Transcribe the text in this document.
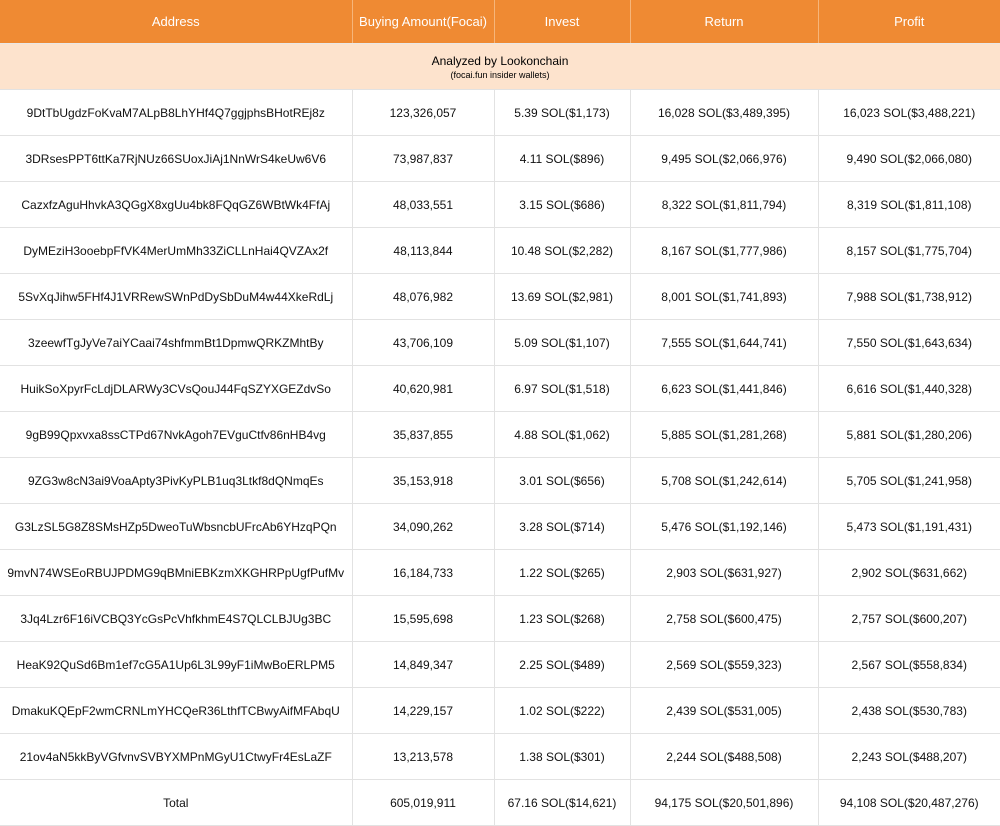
Address	Buying Amount(Focai)	Invest	Return	Profit

Analyzed by Lookonchain
(focai.fun insider wallets)				

9DtTbUgdzFoKvaM7ALpB8LhYHf4Q7ggjphsBHotREj8z	123,326,057	5.39 SOL($1,173)	16,028 SOL($3,489,395)	16,023 SOL($3,488,221)
3DRsesPPT6ttKa7RjNUz66SUoxJiAj1NnWrS4keUw6V6	73,987,837	4.11 SOL($896)	9,495 SOL($2,066,976)	9,490 SOL($2,066,080)
CazxfzAguHhvkA3QGgX8xgUu4bk8FQqGZ6WBtWk4FfAj	48,033,551	3.15 SOL($686)	8,322 SOL($1,811,794)	8,319 SOL($1,811,108)
DyMEziH3ooebpFfVK4MerUmMh33ZiCLLnHai4QVZAx2f	48,113,844	10.48 SOL($2,282)	8,167 SOL($1,777,986)	8,157 SOL($1,775,704)
5SvXqJihw5FHf4J1VRRewSWnPdDySbDuM4w44XkeRdLj	48,076,982	13.69 SOL($2,981)	8,001 SOL($1,741,893)	7,988 SOL($1,738,912)
3zeewfTgJyVe7aiYCaai74shfmmBt1DpmwQRKZMhtBy	43,706,109	5.09 SOL($1,107)	7,555 SOL($1,644,741)	7,550 SOL($1,643,634)
HuikSoXpyrFcLdjDLARWy3CVsQouJ44FqSZYXGEZdvSo	40,620,981	6.97 SOL($1,518)	6,623 SOL($1,441,846)	6,616 SOL($1,440,328)
9gB99Qpxvxa8ssCTPd67NvkAgoh7EVguCtfv86nHB4vg	35,837,855	4.88 SOL($1,062)	5,885 SOL($1,281,268)	5,881 SOL($1,280,206)
9ZG3w8cN3ai9VoaApty3PivKyPLB1uq3Ltkf8dQNmqEs	35,153,918	3.01 SOL($656)	5,708 SOL($1,242,614)	5,705 SOL($1,241,958)
G3LzSL5G8Z8SMsHZp5DweoTuWbsncbUFrcAb6YHzqPQn	34,090,262	3.28 SOL($714)	5,476 SOL($1,192,146)	5,473 SOL($1,191,431)
9mvN74WSEoRBUJPDMG9qBMniEBKzmXKGHRPpUgfPufMv	16,184,733	1.22 SOL($265)	2,903 SOL($631,927)	2,902 SOL($631,662)
3Jq4Lzr6F16iVCBQ3YcGsPcVhfkhmE4S7QLCLBJUg3BC	15,595,698	1.23 SOL($268)	2,758 SOL($600,475)	2,757 SOL($600,207)
HeaK92QuSd6Bm1ef7cG5A1Up6L3L99yF1iMwBoERLPM5	14,849,347	2.25 SOL($489)	2,569 SOL($559,323)	2,567 SOL($558,834)
DmakuKQEpF2wmCRNLmYHCQeR36LthfTCBwyAifMFAbqU	14,229,157	1.02 SOL($222)	2,439 SOL($531,005)	2,438 SOL($530,783)
21ov4aN5kkByVGfvnvSVBYXMPnMGyU1CtwyFr4EsLaZF	13,213,578	1.38 SOL($301)	2,244 SOL($488,508)	2,243 SOL($488,207)
Total	605,019,911	67.16 SOL($14,621)	94,175 SOL($20,501,896)	94,108 SOL($20,487,276)
